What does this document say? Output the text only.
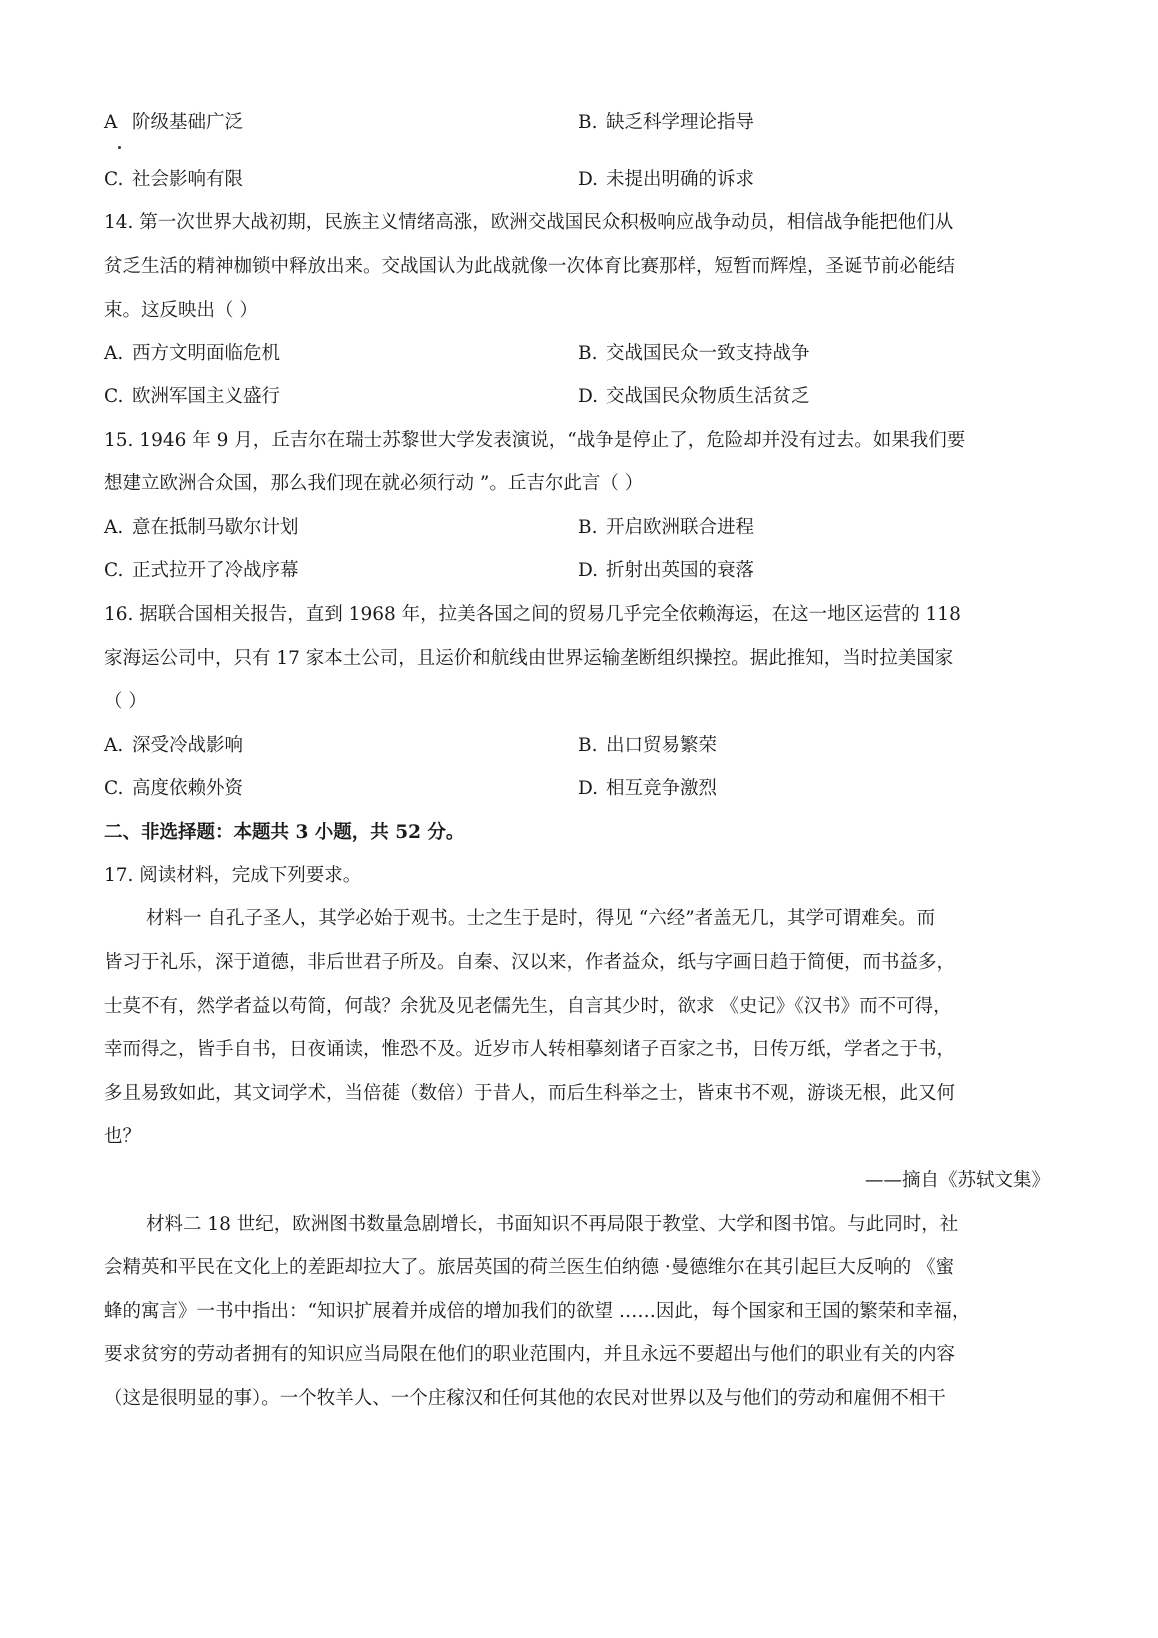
A 阶级基础广泛	B. 缺乏科学理论指导
C. 社会影响有限	D. 未提出明确的诉求
14. 第一次世界大战初期，民族主义情绪高涨，欧洲交战国民众积极响应战争动员，相信战争能把他们从
贫乏生活的精神枷锁中释放出来。交战国认为此战就像一次体育比赛那样，短暂而辉煌，圣诞节前必能结
束。这反映出（ ）
A. 西方文明面临危机	B. 交战国民众一致支持战争
C. 欧洲军国主义盛行	D. 交战国民众物质生活贫乏
15. 1946 年 9 月，丘吉尔在瑞士苏黎世大学发表演说，“战争是停止了，危险却并没有过去。如果我们要
想建立欧洲合众国，那么我们现在就必须行动 ”。丘吉尔此言（ ）
A. 意在抵制马歇尔计划	B. 开启欧洲联合进程
C. 正式拉开了冷战序幕	D. 折射出英国的衰落
16. 据联合国相关报告，直到 1968 年，拉美各国之间的贸易几乎完全依赖海运，在这一地区运营的 118
家海运公司中，只有 17 家本土公司，且运价和航线由世界运输垄断组织操控。据此推知，当时拉美国家
（ ）
A. 深受冷战影响	B. 出口贸易繁荣
C. 高度依赖外资	D. 相互竞争激烈
二、非选择题：本题共 3 小题，共 52 分。
17. 阅读材料，完成下列要求。
材料一 自孔子圣人，其学必始于观书。士之生于是时，得见 “六经”者盖无几，其学可谓难矣。而
皆习于礼乐，深于道德，非后世君子所及。自秦、汉以来，作者益众，纸与字画日趋于简便，而书益多，
士莫不有，然学者益以苟简，何哉？余犹及见老儒先生，自言其少时，欲求 《史记》《汉书》而不可得，
幸而得之，皆手自书，日夜诵读，惟恐不及。近岁市人转相摹刻诸子百家之书，日传万纸，学者之于书，
多且易致如此，其文词学术，当倍蓰（数倍）于昔人，而后生科举之士，皆束书不观，游谈无根，此又何
也？
——摘自《苏轼文集》
材料二 18 世纪，欧洲图书数量急剧增长，书面知识不再局限于教堂、大学和图书馆。与此同时，社
会精英和平民在文化上的差距却拉大了。旅居英国的荷兰医生伯纳德 ·曼德维尔在其引起巨大反响的 《蜜
蜂的寓言》一书中指出：“知识扩展着并成倍的增加我们的欲望 ……因此，每个国家和王国的繁荣和幸福，
要求贫穷的劳动者拥有的知识应当局限在他们的职业范围内，并且永远不要超出与他们的职业有关的内容
（这是很明显的事）。一个牧羊人、一个庄稼汉和任何其他的农民对世界以及与他们的劳动和雇佣不相干
